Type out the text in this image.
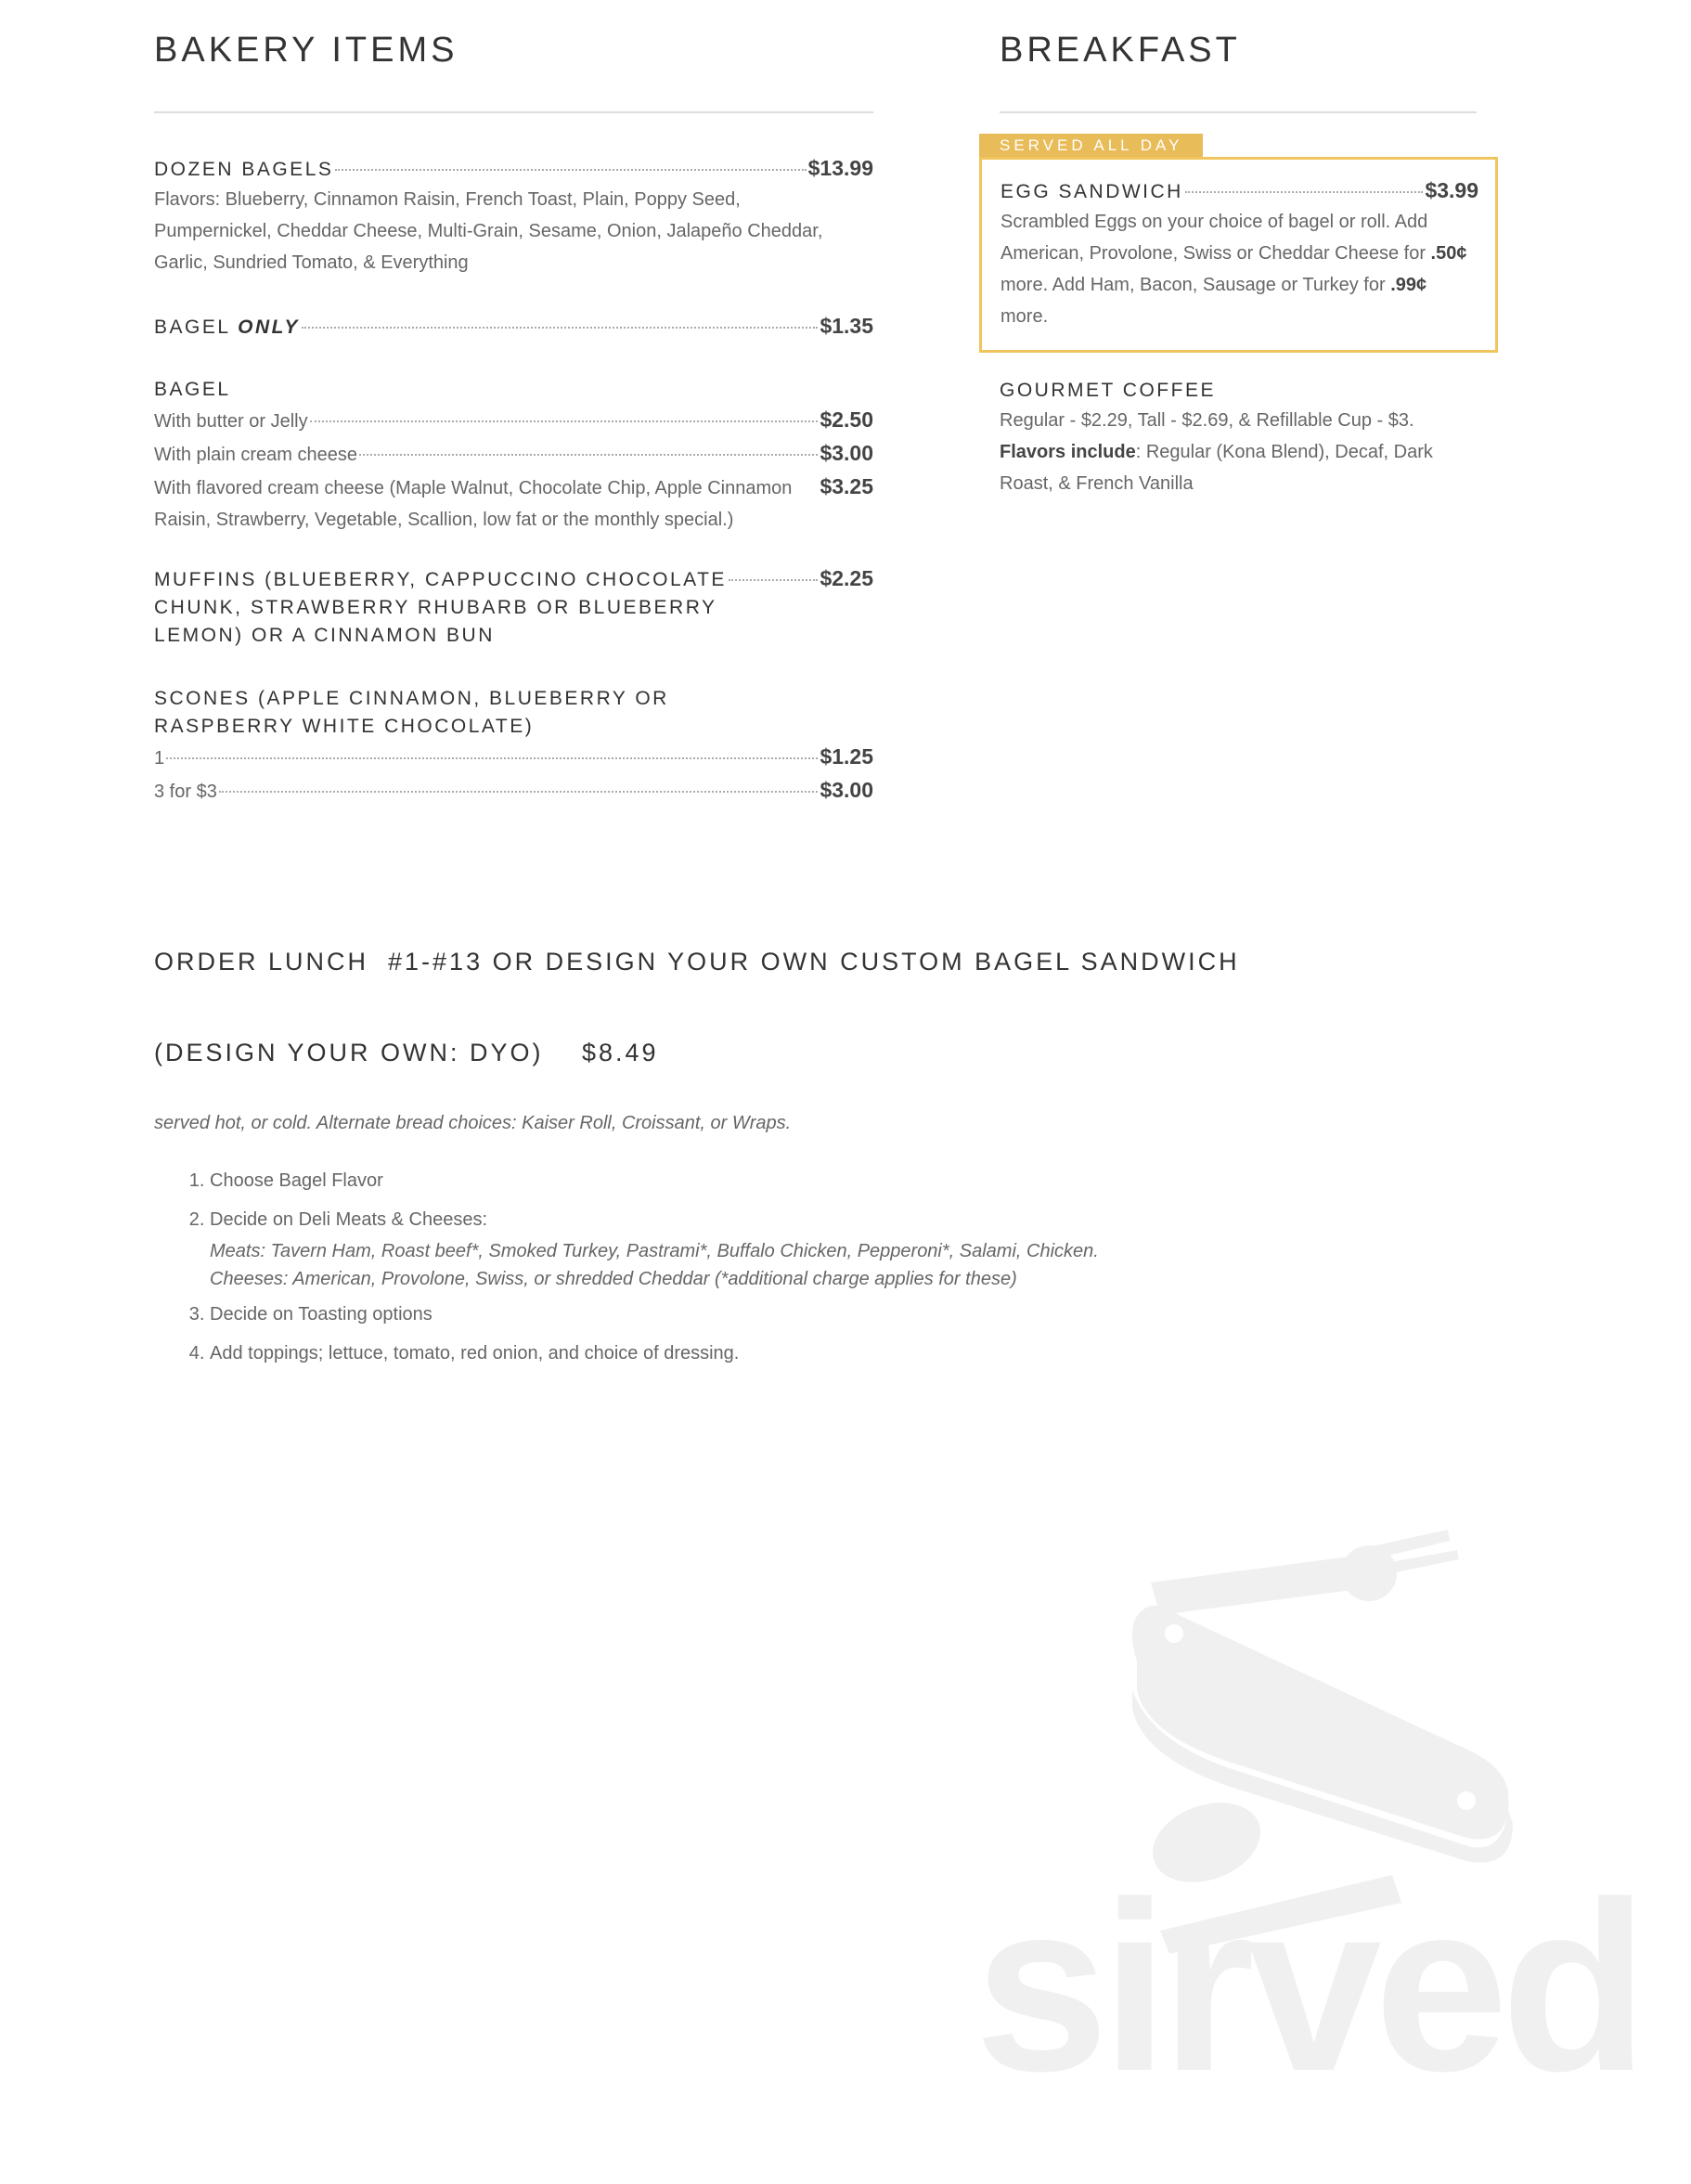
BAKERY ITEMS
DOZEN BAGELS	$13.99
Flavors: Blueberry, Cinnamon Raisin, French Toast, Plain, Poppy Seed, Pumpernickel, Cheddar Cheese, Multi-Grain, Sesame, Onion, Jalapeño Cheddar, Garlic, Sundried Tomato, & Everything
BAGEL ONLY	$1.35
BAGEL
With butter or Jelly	$2.50
With plain cream cheese	$3.00
With flavored cream cheese (Maple Walnut, Chocolate Chip, Apple Cinnamon $3.25
Raisin, Strawberry, Vegetable, Scallion, low fat or the monthly special.)
MUFFINS (BLUEBERRY, CAPPUCCINO CHOCOLATE	$2.25
CHUNK, STRAWBERRY RHUBARB OR BLUEBERRY
LEMON) OR A CINNAMON BUN
SCONES (APPLE CINNAMON, BLUEBERRY OR
RASPBERRY WHITE CHOCOLATE)
1	$1.25
3 for $3	$3.00
BREAKFAST
SERVED ALL DAY
EGG SANDWICH	$3.99
Scrambled Eggs on your choice of bagel or roll. Add American, Provolone, Swiss or Cheddar Cheese for .50¢ more. Add Ham, Bacon, Sausage or Turkey for .99¢ more.
GOURMET COFFEE
Regular - $2.29, Tall - $2.69, & Refillable Cup - $3.
Flavors include: Regular (Kona Blend), Decaf, Dark Roast, & French Vanilla
ORDER LUNCH  #1-#13 OR DESIGN YOUR OWN CUSTOM BAGEL SANDWICH
(DESIGN YOUR OWN: DYO) $8.49
served hot, or cold. Alternate bread choices: Kaiser Roll, Croissant, or Wraps.
1. Choose Bagel Flavor
2. Decide on Deli Meats & Cheeses:
Meats: Tavern Ham, Roast beef*, Smoked Turkey, Pastrami*, Buffalo Chicken, Pepperoni*, Salami, Chicken.
Cheeses: American, Provolone, Swiss, or shredded Cheddar (*additional charge applies for these)
3. Decide on Toasting options
4. Add toppings; lettuce, tomato, red onion, and choice of dressing.
sirved
